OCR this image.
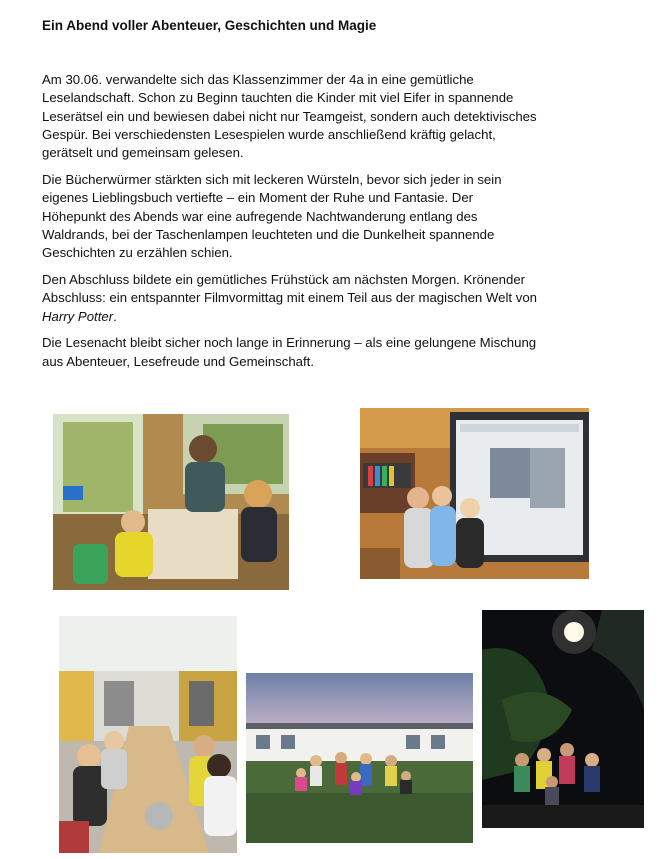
Ein Abend voller Abenteuer, Geschichten und Magie

Am 30.06. verwandelte sich das Klassenzimmer der 4a in eine gemütliche
Leselandschaft. Schon zu Beginn tauchten die Kinder mit viel Eifer in spannende
Leserätsel ein und bewiesen dabei nicht nur Teamgeist, sondern auch detektivisches
Gespür. Bei verschiedensten Lesespielen wurde anschließend kräftig gelacht,
gerätselt und gemeinsam gelesen.

Die Bücherwürmer stärkten sich mit leckeren Würsteln, bevor sich jeder in sein
eigenes Lieblingsbuch vertiefte – ein Moment der Ruhe und Fantasie. Der
Höhepunkt des Abends war eine aufregende Nachtwanderung entlang des
Waldrands, bei der Taschenlampen leuchteten und die Dunkelheit spannende
Geschichten zu erzählen schien.

Den Abschluss bildete ein gemütliches Frühstück am nächsten Morgen. Krönender
Abschluss: ein entspannter Filmvormittag mit einem Teil aus der magischen Welt von
Harry Potter.

Die Lesenacht bleibt sicher noch lange in Erinnerung – als eine gelungene Mischung
aus Abenteuer, Lesefreude und Gemeinschaft.
